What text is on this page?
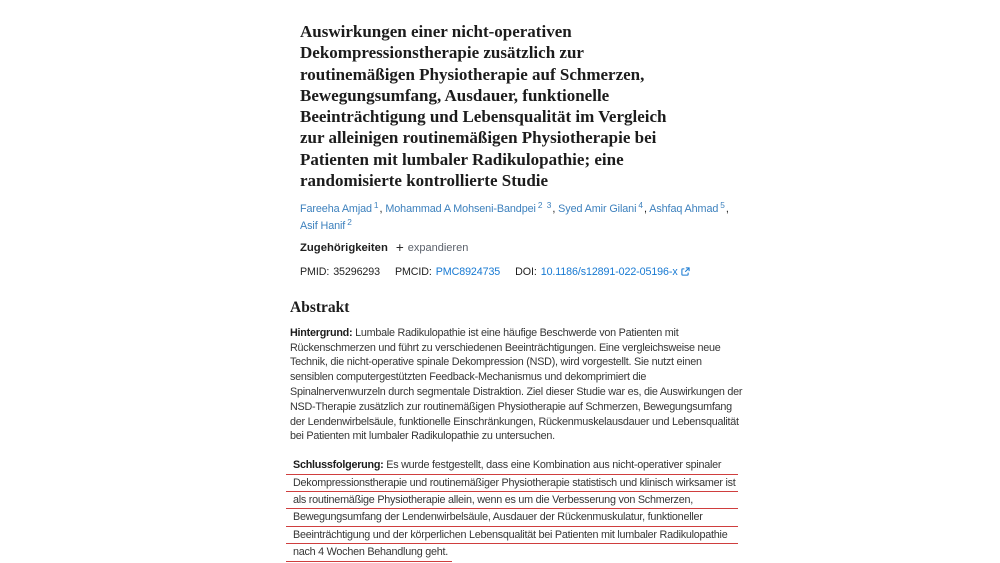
Auswirkungen einer nicht-operativen
Dekompressionstherapie zusätzlich zur
routinemäßigen Physiotherapie auf Schmerzen,
Bewegungsumfang, Ausdauer, funktionelle
Beeinträchtigung und Lebensqualität im Vergleich
zur alleinigen routinemäßigen Physiotherapie bei
Patienten mit lumbaler Radikulopathie; eine
randomisierte kontrollierte Studie
Fareeha Amjad $^1$, Mohammad A Mohseni-Bandpei $^{2 3}$, Syed Amir Gilani $^4$, Ashfaq Ahmad $^5$,
Asif Hanif $^2$
Zugehörigkeiten + expandieren
PMID: 35296293 PMCID: PMC8924735 DOI: 10.1186/s12891-022-05196-x
Abstrakt
Hintergrund: Lumbale Radikulopathie ist eine häufige Beschwerde von Patienten mit
Rückenschmerzen und führt zu verschiedenen Beeinträchtigungen. Eine vergleichsweise neue
Technik, die nicht-operative spinale Dekompression (NSD), wird vorgestellt. Sie nutzt einen
sensiblen computergestützten Feedback-Mechanismus und dekomprimiert die
Spinalnervenwurzeln durch segmentale Distraktion. Ziel dieser Studie war es, die Auswirkungen der
NSD-Therapie zusätzlich zur routinemäßigen Physiotherapie auf Schmerzen, Bewegungsumfang
der Lendenwirbelsäule, funktionelle Einschränkungen, Rückenmuskelausdauer und Lebensqualität
bei Patienten mit lumbaler Radikulopathie zu untersuchen.
Schlussfolgerung: Es wurde festgestellt, dass eine Kombination aus nicht-operativer spinaler
Dekompressionstherapie und routinemäßiger Physiotherapie statistisch und klinisch wirksamer ist
als routinemäßige Physiotherapie allein, wenn es um die Verbesserung von Schmerzen,
Bewegungsumfang der Lendenwirbelsäule, Ausdauer der Rückenmuskulatur, funktioneller
Beeinträchtigung und der körperlichen Lebensqualität bei Patienten mit lumbaler Radikulopathie
nach 4 Wochen Behandlung geht.
